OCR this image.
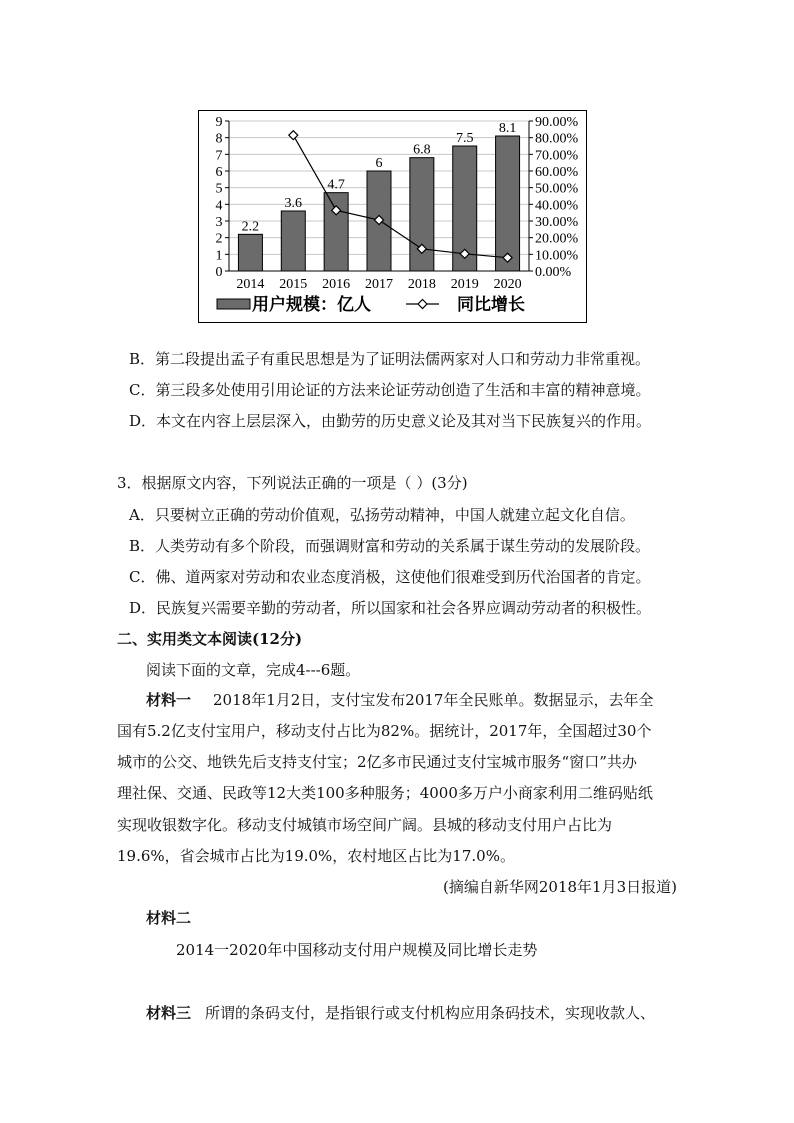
0
1
2
3
4
5
6
7
8
9
0.00%
10.00%
20.00%
30.00%
40.00%
50.00%
60.00%
70.00%
80.00%
90.00%
2.2
3.6
4.7
6
6.8
7.5
8.1
2014 2015 2016 2017 2018 2019 2020
用户规模：亿人	同比增长
B．第二段提出孟子有重民思想是为了证明法儒两家对人口和劳动力非常重视。
C．第三段多处使用引用论证的方法来论证劳动创造了生活和丰富的精神意境。
D．本文在内容上层层深入，由勤劳的历史意义论及其对当下民族复兴的作用。
3．根据原文内容，下列说法正确的一项是（ ）(3分)
A．只要树立正确的劳动价值观，弘扬劳动精神，中国人就建立起文化自信。
B．人类劳动有多个阶段，而强调财富和劳动的关系属于谋生劳动的发展阶段。
C．佛、道两家对劳动和农业态度消极，这使他们很难受到历代治国者的肯定。
D．民族复兴需要辛勤的劳动者，所以国家和社会各界应调动劳动者的积极性。
二、实用类文本阅读(12分)
阅读下面的文章，完成4---6题。
材料一 2018年1月2日，支付宝发布2017年全民账单。数据显示，去年全
国有5.2亿支付宝用户，移动支付占比为82%。据统计，2017年，全国超过30个
城市的公交、地铁先后支持支付宝；2亿多市民通过支付宝城市服务“窗口”共办
理社保、交通、民政等12大类100多种服务；4000多万户小商家利用二维码贴纸
实现收银数字化。移动支付城镇市场空间广阔。县城的移动支付用户占比为
19.6%，省会城市占比为19.0%，农村地区占比为17.0%。
(摘编自新华网2018年1月3日报道)
材料二
2014一2020年中国移动支付用户规模及同比增长走势
材料三 所谓的条码支付，是指银行或支付机构应用条码技术，实现收款人、
